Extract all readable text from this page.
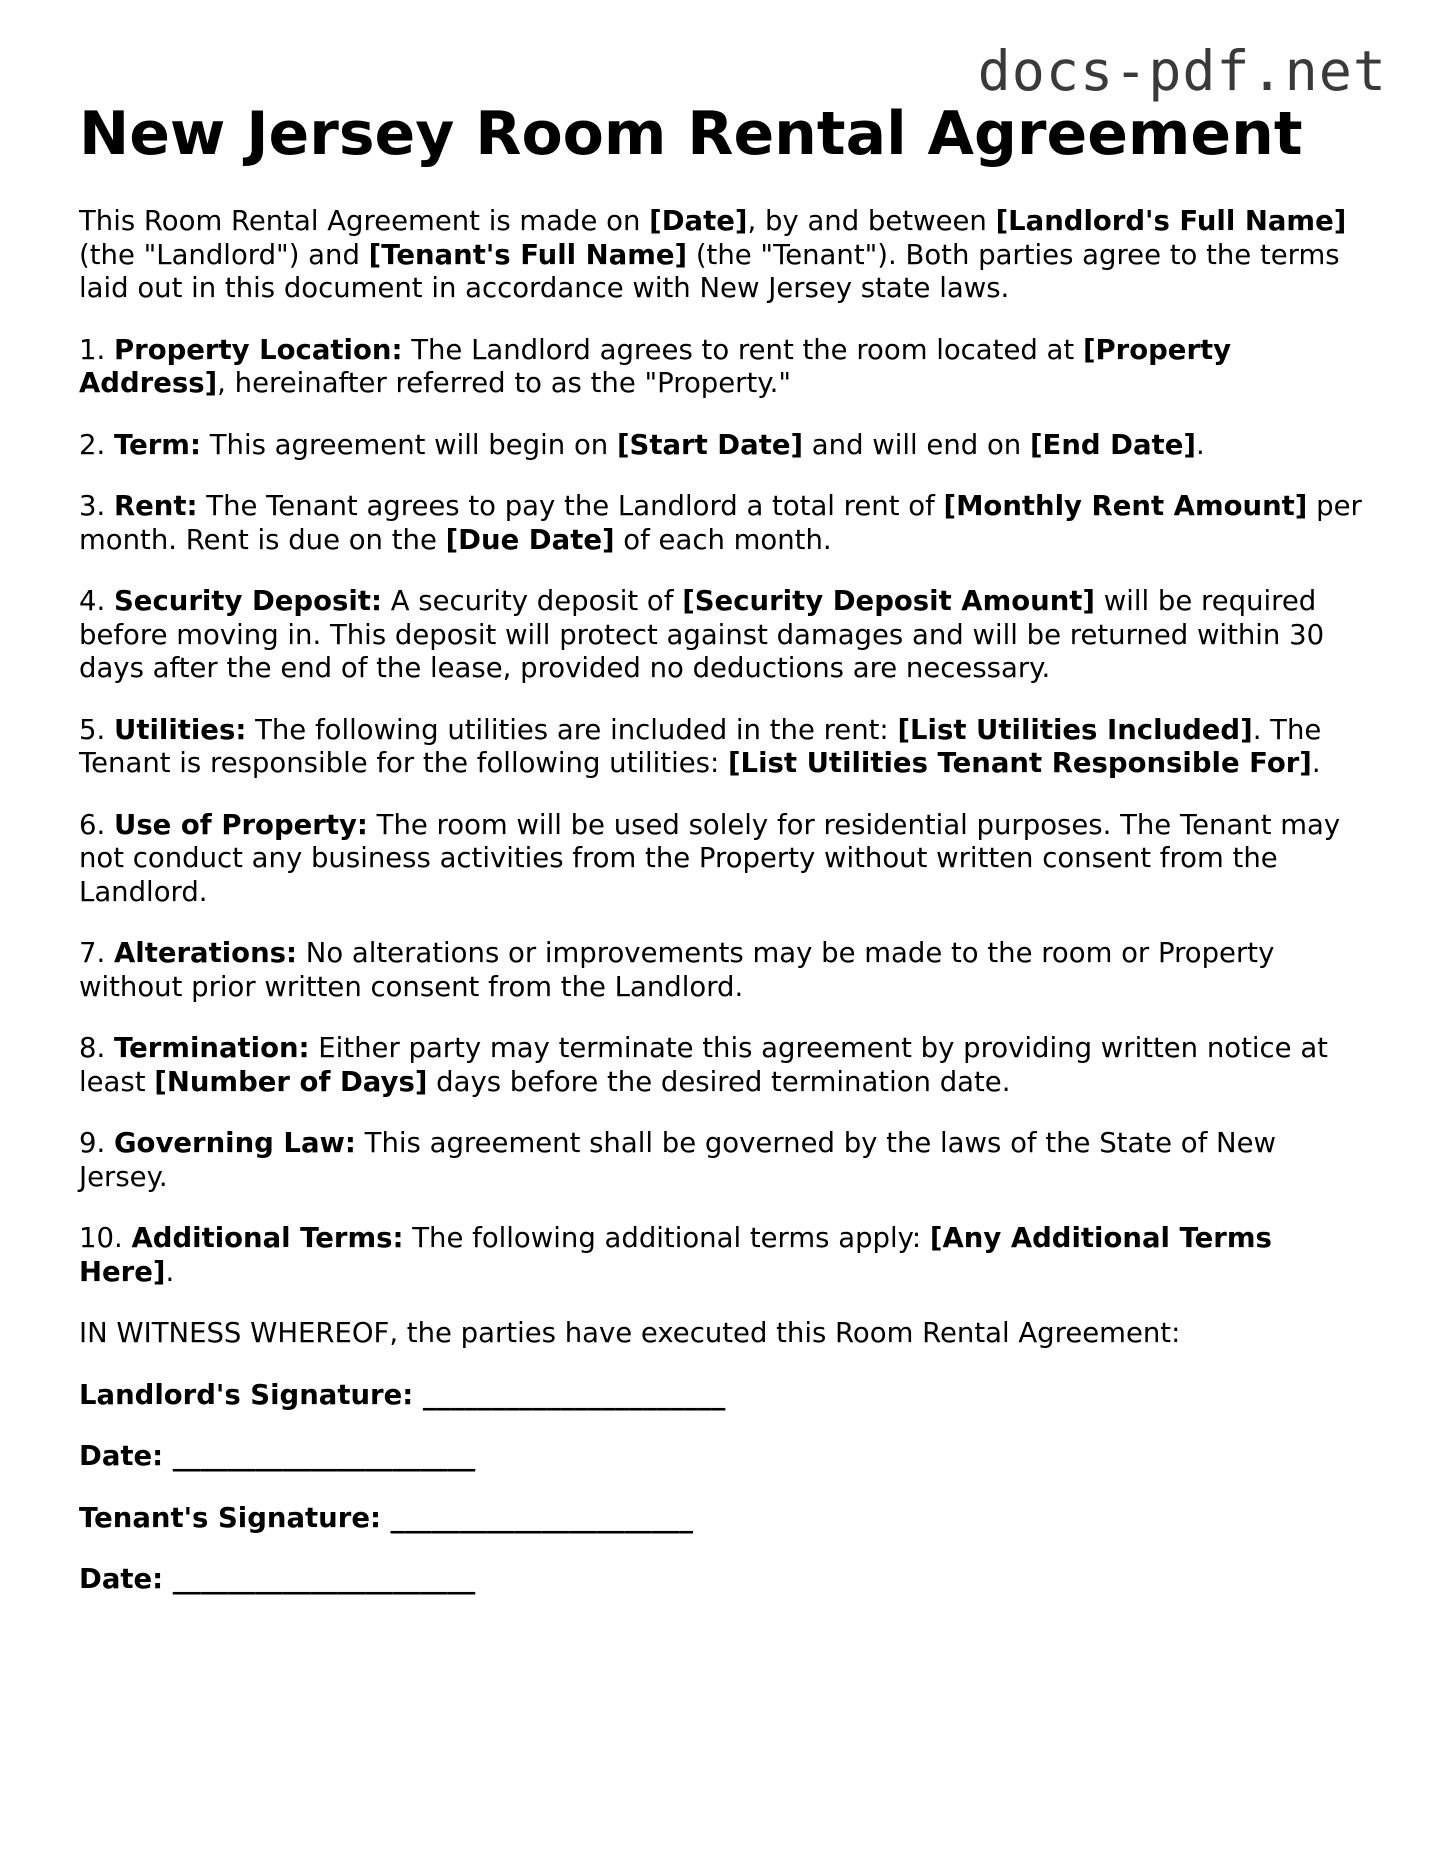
docs-pdf.net
New Jersey Room Rental Agreement

This Room Rental Agreement is made on [Date], by and between [Landlord's Full Name] (the "Landlord") and [Tenant's Full Name] (the "Tenant"). Both parties agree to the terms laid out in this document in accordance with New Jersey state laws.

1. Property Location: The Landlord agrees to rent the room located at [Property Address], hereinafter referred to as the "Property."

2. Term: This agreement will begin on [Start Date] and will end on [End Date].

3. Rent: The Tenant agrees to pay the Landlord a total rent of [Monthly Rent Amount] per month. Rent is due on the [Due Date] of each month.

4. Security Deposit: A security deposit of [Security Deposit Amount] will be required before moving in. This deposit will protect against damages and will be returned within 30 days after the end of the lease, provided no deductions are necessary.

5. Utilities: The following utilities are included in the rent: [List Utilities Included]. The Tenant is responsible for the following utilities: [List Utilities Tenant Responsible For].

6. Use of Property: The room will be used solely for residential purposes. The Tenant may not conduct any business activities from the Property without written consent from the Landlord.

7. Alterations: No alterations or improvements may be made to the room or Property without prior written consent from the Landlord.

8. Termination: Either party may terminate this agreement by providing written notice at least [Number of Days] days before the desired termination date.

9. Governing Law: This agreement shall be governed by the laws of the State of New Jersey.

10. Additional Terms: The following additional terms apply: [Any Additional Terms Here].

IN WITNESS WHEREOF, the parties have executed this Room Rental Agreement:

Landlord's Signature: ______________________

Date: ______________________

Tenant's Signature: ______________________

Date: ______________________
